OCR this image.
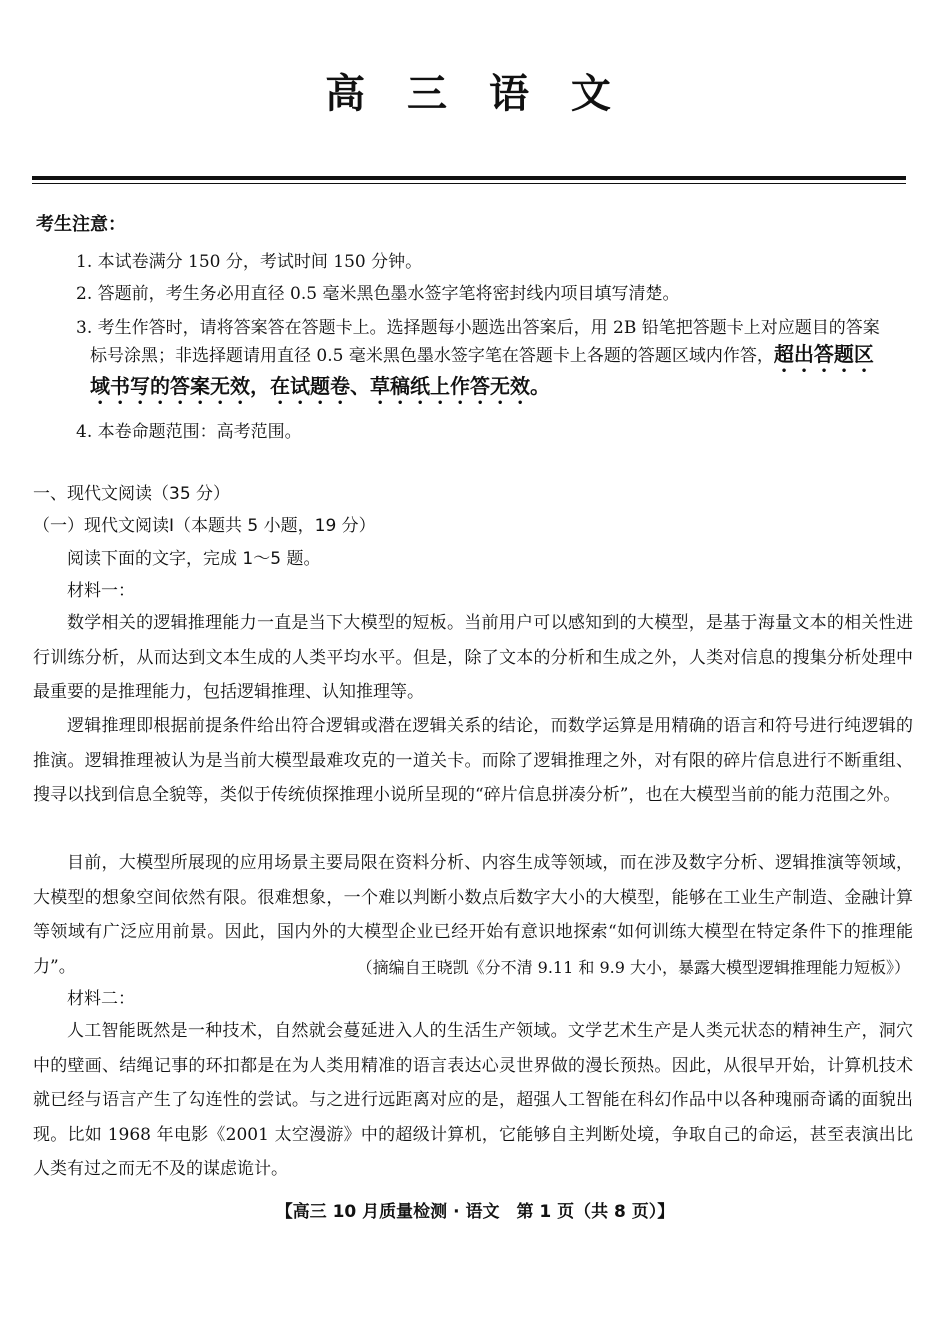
高 三 语 文
考生注意：
1. 本试卷满分 150 分，考试时间 150 分钟。
2. 答题前，考生务必用直径 0.5 毫米黑色墨水签字笔将密封线内项目填写清楚。
3. 考生作答时，请将答案答在答题卡上。选择题每小题选出答案后，用 2B 铅笔把答题卡上对应题目的答案
标号涂黑；非选择题请用直径 0.5 毫米黑色墨水签字笔在答题卡上各题的答题区域内作答，超出答题区
域书写的答案无效，在试题卷、草稿纸上作答无效。
4. 本卷命题范围：高考范围。
一、现代文阅读（35 分）
（一）现代文阅读Ⅰ（本题共 5 小题，19 分）
阅读下面的文字，完成 1～5 题。
材料一：
数学相关的逻辑推理能力一直是当下大模型的短板。当前用户可以感知到的大模型，是基于海量文本的相关性进行训练分析，从而达到文本生成的人类平均水平。但是，除了文本的分析和生成之外，人类对信息的搜集分析处理中最重要的是推理能力，包括逻辑推理、认知推理等。
逻辑推理即根据前提条件给出符合逻辑或潜在逻辑关系的结论，而数学运算是用精确的语言和符号进行纯逻辑的推演。逻辑推理被认为是当前大模型最难攻克的一道关卡。而除了逻辑推理之外，对有限的碎片信息进行不断重组、搜寻以找到信息全貌等，类似于传统侦探推理小说所呈现的“碎片信息拼凑分析”，也在大模型当前的能力范围之外。
目前，大模型所展现的应用场景主要局限在资料分析、内容生成等领域，而在涉及数字分析、逻辑推演等领域，大模型的想象空间依然有限。很难想象，一个难以判断小数点后数字大小的大模型，能够在工业生产制造、金融计算等领域有广泛应用前景。因此，国内外的大模型企业已经开始有意识地探索“如何训练大模型在特定条件下的推理能力”。	（摘编自王晓凯《分不清 9.11 和 9.9 大小，暴露大模型逻辑推理能力短板》）
材料二：
人工智能既然是一种技术，自然就会蔓延进入人的生活生产领域。文学艺术生产是人类元状态的精神生产，洞穴中的壁画、结绳记事的环扣都是在为人类用精准的语言表达心灵世界做的漫长预热。因此，从很早开始，计算机技术就已经与语言产生了勾连性的尝试。与之进行远距离对应的是，超强人工智能在科幻作品中以各种瑰丽奇谲的面貌出现。比如 1968 年电影《2001 太空漫游》中的超级计算机，它能够自主判断处境，争取自己的命运，甚至表演出比人类有过之而无不及的谋虑诡计。
【高三 10 月质量检测 · 语文　第 1 页（共 8 页）】
